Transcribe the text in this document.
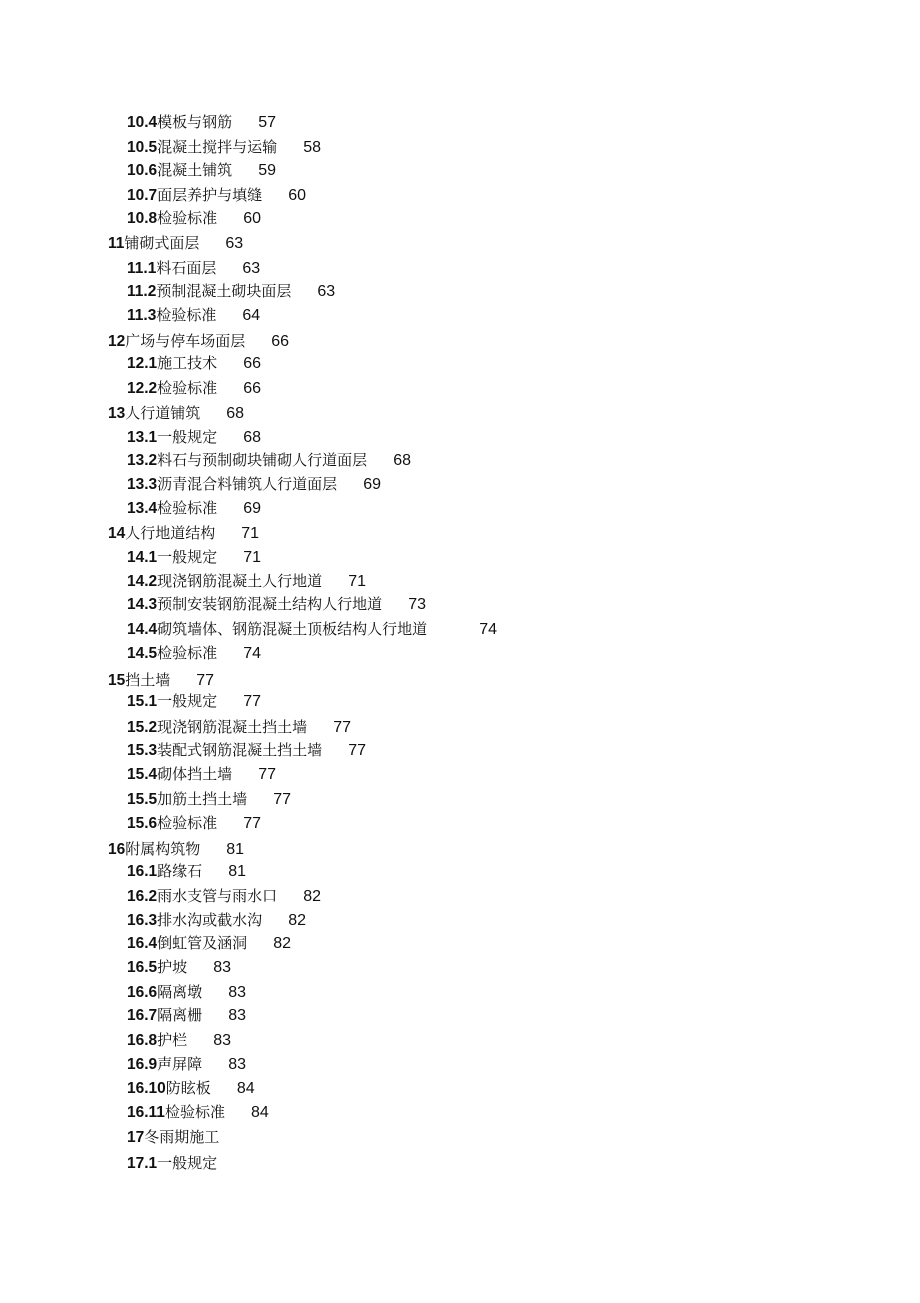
10.4模板与钢筋 57
10.5混凝土搅拌与运输 58
10.6混凝土铺筑 59
10.7面层养护与填缝 60
10.8检验标准 60
11铺砌式面层 63
11.1料石面层 63
11.2预制混凝土砌块面层 63
11.3检验标准 64
12广场与停车场面层 66
12.1施工技术 66
12.2检验标准 66
13人行道铺筑 68
13.1一般规定 68
13.2料石与预制砌块铺砌人行道面层 68
13.3沥青混合料铺筑人行道面层 69
13.4检验标准 69
14人行地道结构 71
14.1一般规定 71
14.2现浇钢筋混凝土人行地道 71
14.3预制安装钢筋混凝土结构人行地道 73
14.4砌筑墙体、钢筋混凝土顶板结构人行地道	74
14.5检验标准 74
15挡土墙 77
15.1一般规定 77
15.2现浇钢筋混凝土挡土墙 77
15.3装配式钢筋混凝土挡土墙 77
15.4砌体挡土墙 77
15.5加筋土挡土墙 77
15.6检验标准 77
16附属构筑物 81
16.1路缘石 81
16.2雨水支管与雨水口 82
16.3排水沟或截水沟 82
16.4倒虹管及涵洞 82
16.5护坡 83
16.6隔离墩 83
16.7隔离栅 83
16.8护栏 83
16.9声屏障 83
16.10防眩板 84
16.11检验标准 84
17冬雨期施工
17.1一般规定
